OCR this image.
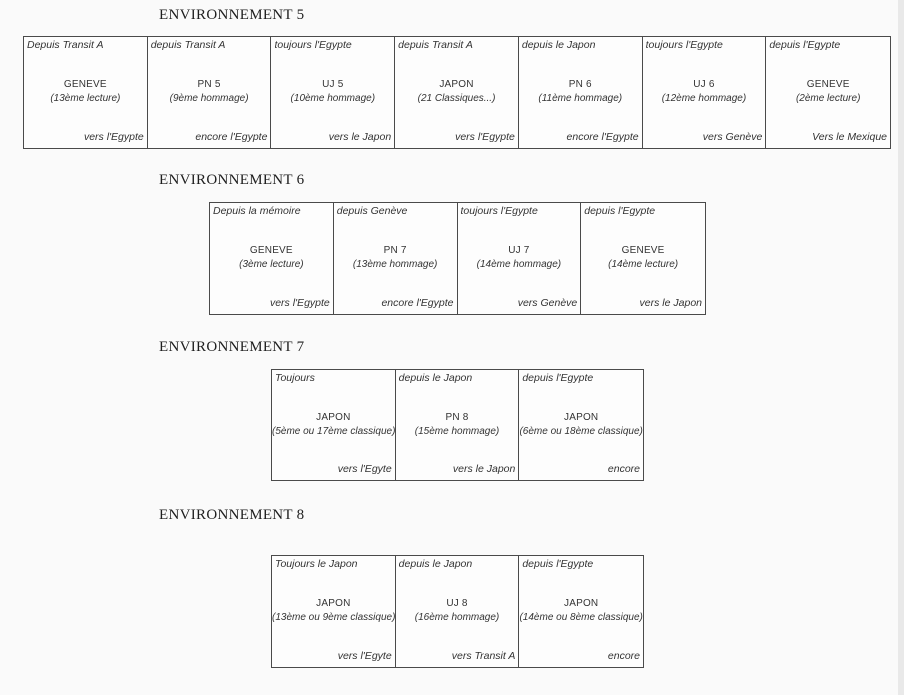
ENVIRONNEMENT 5
Depuis Transit A
GENEVE
(13ème lecture)
vers l'Egypte
depuis Transit A
PN 5
(9ème hommage)
encore l'Egypte
toujours l'Egypte
UJ 5
(10ème hommage)
vers le Japon
depuis Transit A
JAPON
(21 Classiques...)
vers l'Egypte
depuis le Japon
PN 6
(11ème hommage)
encore l'Egypte
toujours l'Egypte
UJ 6
(12ème hommage)
vers Genève
depuis l'Egypte
GENEVE
(2ème lecture)
Vers le Mexique
ENVIRONNEMENT 6
Depuis la mémoire
GENEVE
(3ème lecture)
vers l'Egypte
depuis Genève
PN 7
(13ème hommage)
encore l'Egypte
toujours l'Egypte
UJ 7
(14ème hommage)
vers Genève
depuis l'Egypte
GENEVE
(14ème lecture)
vers le Japon
ENVIRONNEMENT 7
Toujours
JAPON
(5ème ou 17ème classique)
vers l'Egyte
depuis le Japon
PN 8
(15ème hommage)
vers le Japon
depuis l'Egypte
JAPON
(6ème ou 18ème classique)
encore
ENVIRONNEMENT 8
Toujours le Japon
JAPON
(13ème ou 9ème classique)
vers l'Egyte
depuis le Japon
UJ 8
(16ème hommage)
vers Transit A
depuis l'Egypte
JAPON
(14ème ou 8ème classique)
encore
